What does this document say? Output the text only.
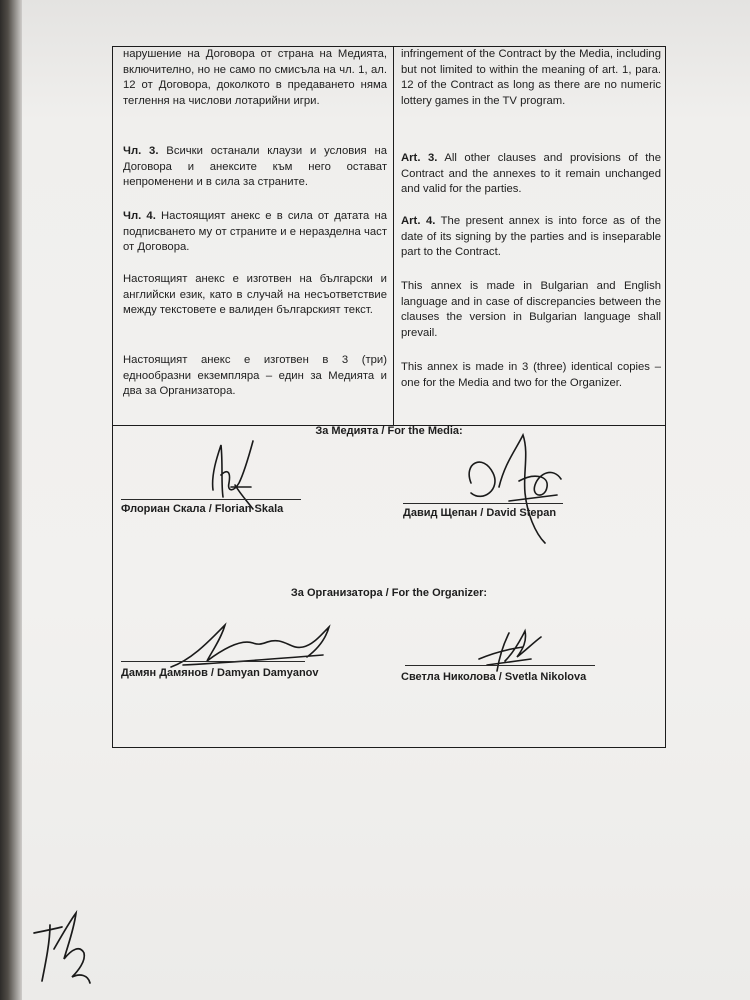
нарушение на Договора от страна на Медията, включително, но не само по смисъла на чл. 1, ал. 12 от Договора, доколкото в предаването няма теглення на числови лотарийни игри.
infringement of the Contract by the Media, including but not limited to within the meaning of art. 1, para. 12 of the Contract as long as there are no numeric lottery games in the TV program.
Чл. 3. Всички останали клаузи и условия на Договора и анексите към него остават непроменени и в сила за страните.
Art. 3. All other clauses and provisions of the Contract and the annexes to it remain unchanged and valid for the parties.
Чл. 4. Настоящият анекс е в сила от датата на подписването му от страните и е неразделна част от Договора.
Art. 4. The present annex is into force as of the date of its signing by the parties and is inseparable part to the Contract.
Настоящият анекс е изготвен на български и английски език, като в случай на несъответствие между текстовете е валиден българският текст.
This annex is made in Bulgarian and English language and in case of discrepancies between the clauses the version in Bulgarian language shall prevail.
Настоящият анекс е изготвен в 3 (три) еднообразни екземпляра – един за Медията и два за Организатора.
This annex is made in 3 (three) identical copies – one for the Media and two for the Organizer.
За Медията / For the Media:
Флориан Скала / Florian Skala	Давид Щепан / David Stepan
За Организатора / For the Organizer:
Дамян Дамянов / Damyan Damyanov	Светла Николова / Svetla Nikolova
